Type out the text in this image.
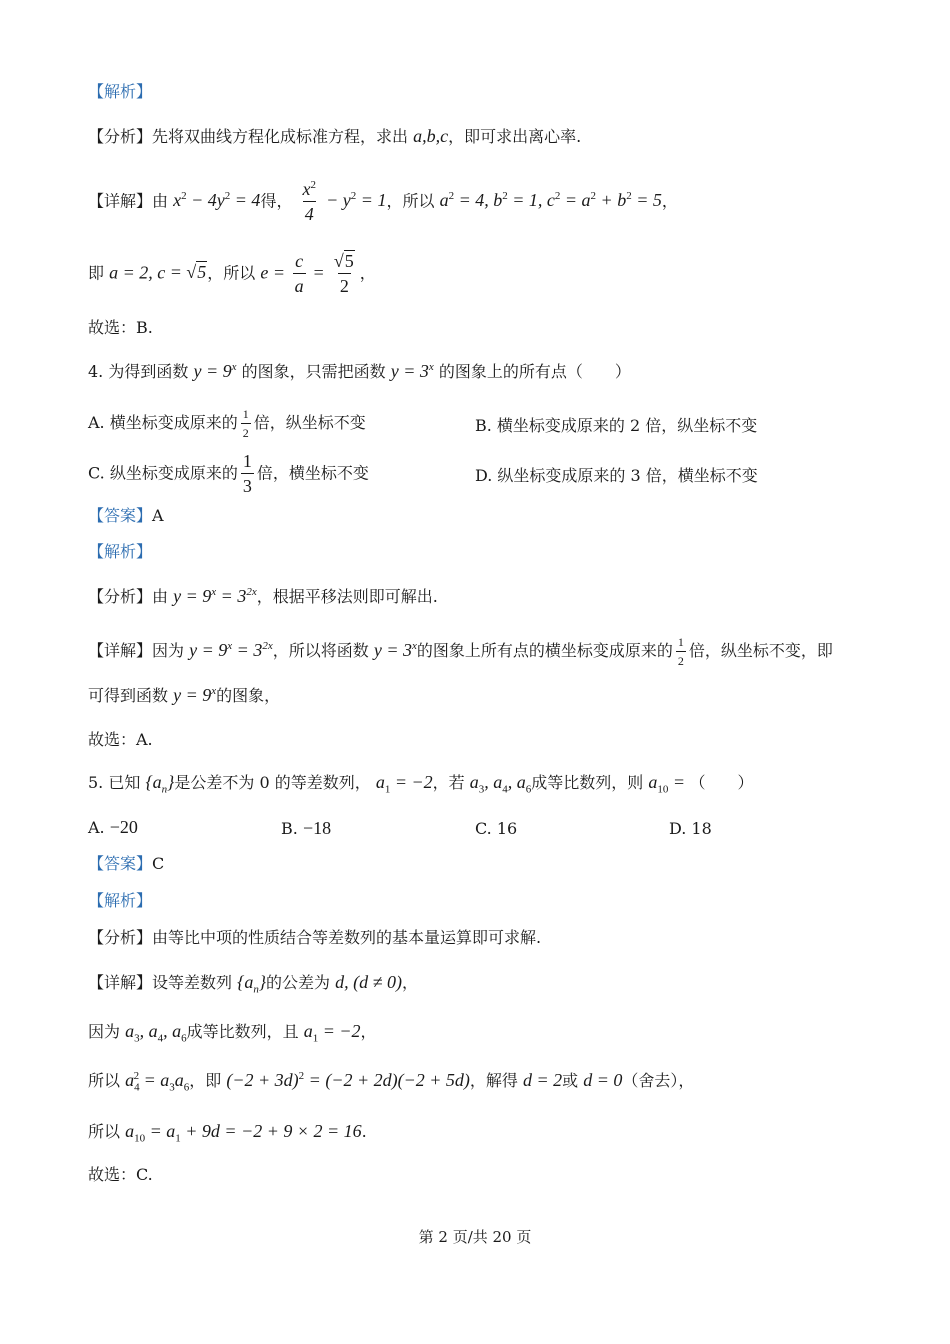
【解析】
【分析】先将双曲线方程化成标准方程，求出 a,b,c，即可求出离心率.
【详解】由 $x^2 - 4y^2 = 4$得， $\frac{x^2}{4} - y^2 = 1$，所以 $a^2 = 4$, $b^2 = 1$, $c^2 = a^2 + b^2 = 5$，
即 a = 2, c = √5，所以 $e = \frac{c}{a} = \frac{√5}{2}$ ，
故选：B.
4. 为得到函数 $y = 9^x$ 的图象，只需把函数 $y = 3^x$ 的图象上的所有点（　　）
A. 横坐标变成原来的 $\frac{1}{2}$ 倍，纵坐标不变	B. 横坐标变成原来的 2 倍，纵坐标不变
C. 纵坐标变成原来的 $\frac{1}{3}$ 倍，横坐标不变	D. 纵坐标变成原来的 3 倍，横坐标不变
【答案】A
【解析】
【分析】由 $y = 9^x = 3^{2x}$，根据平移法则即可解出.
【详解】因为 $y = 9^x = 3^{2x}$，所以将函数 $y = 3^x$的图象上所有点的横坐标变成原来的 $\frac{1}{2}$ 倍，纵坐标不变，即
可得到函数 $y = 9^x$的图象，
故选：A.
5. 已知 $\{a_n\}$是公差不为 0 的等差数列， $a_1 = -2$，若 $a_3$, $a_4$, $a_6$成等比数列，则 $a_{10}$ = （　　）
A. −20	B. −18	C. 16	D. 18
【答案】C
【解析】
【分析】由等比中项的性质结合等差数列的基本量运算即可求解.
【详解】设等差数列 $\{a_n\}$的公差为 d, (d ≠ 0)，
因为 $a_3$, $a_4$, $a_6$成等比数列，且 $a_1 = -2$，
所以 $a_4^2 = a_3a_6$，即 $(-2 + 3d)^2 = (-2 + 2d)(-2 + 5d)$，解得 d = 2或 d = 0（舍去），
所以 $a_{10} = a_1 + 9d = -2 + 9 \times 2 = 16$.
故选：C.
第 2 页/共 20 页
